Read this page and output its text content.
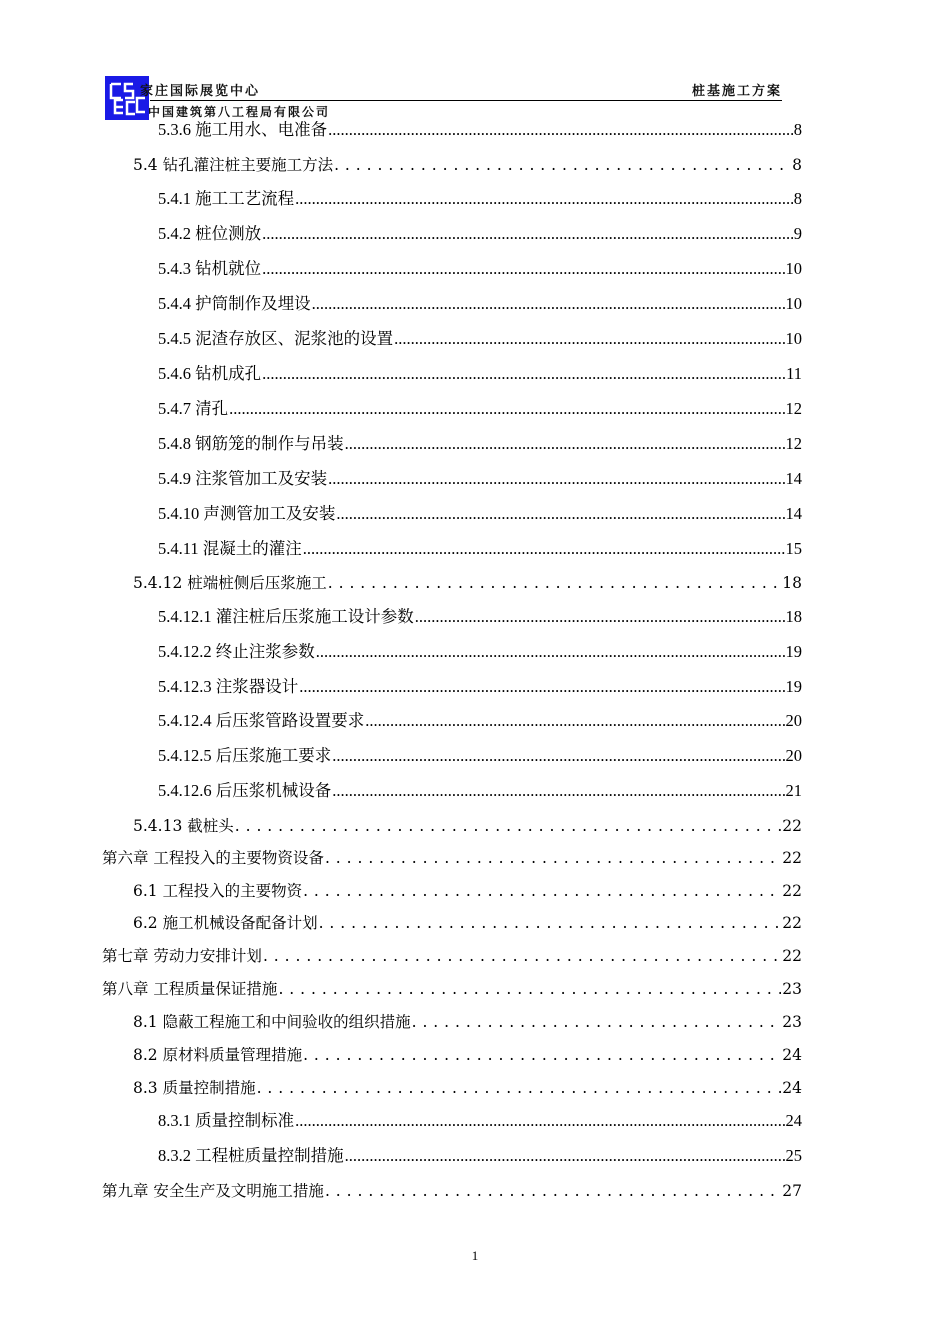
家庄国际展览中心	桩基施工方案
中国建筑第八工程局有限公司
5.3.6 施工用水、电准备 .....	8
5.4 钻孔灌注桩主要施工方法 . . .	8
5.4.1 施工工艺流程 .....	8
5.4.2 桩位测放 .....	9
5.4.3 钻机就位 .....	10
5.4.4 护筒制作及埋设 .....	10
5.4.5 泥渣存放区、泥浆池的设置 .....	10
5.4.6 钻机成孔 .....	11
5.4.7 清孔 .....	12
5.4.8 钢筋笼的制作与吊装 .....	12
5.4.9 注浆管加工及安装 .....	14
5.4.10 声测管加工及安装 .....	14
5.4.11 混凝土的灌注 .....	15
5.4.12 桩端桩侧后压浆施工 . . .	18
5.4.12.1 灌注桩后压浆施工设计参数 .....	18
5.4.12.2 终止注浆参数 .....	19
5.4.12.3 注浆器设计 .....	19
5.4.12.4 后压浆管路设置要求 .....	20
5.4.12.5 后压浆施工要求 .....	20
5.4.12.6 后压浆机械设备 .....	21
5.4.13 截桩头 . . .	22
第六章 工程投入的主要物资设备 . . .	22
6.1 工程投入的主要物资 . . .	22
6.2 施工机械设备配备计划 . . .	22
第七章 劳动力安排计划 . . .	22
第八章 工程质量保证措施 . . .	23
8.1 隐蔽工程施工和中间验收的组织措施 . . .	23
8.2 原材料质量管理措施 . . .	24
8.3 质量控制措施 . . .	24
8.3.1 质量控制标准 .....	24
8.3.2 工程桩质量控制措施 .....	25
第九章 安全生产及文明施工措施 . . .	27
1
